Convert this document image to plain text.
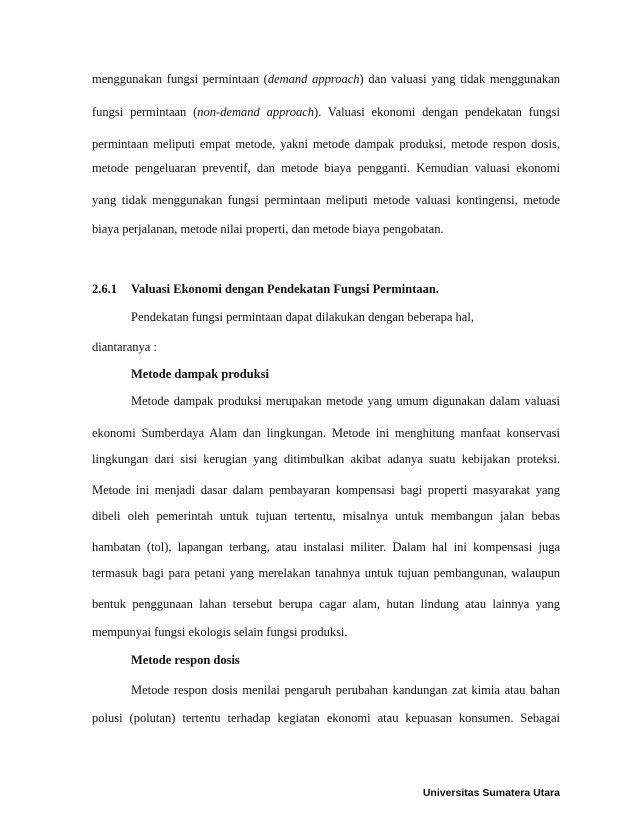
menggunakan fungsi permintaan (demand approach) dan valuasi yang tidak menggunakan
fungsi permintaan (non-demand approach). Valuasi ekonomi dengan pendekatan fungsi
permintaan meliputi empat metode, yakni metode dampak produksi, metode respon dosis,
metode pengeluaran preventif, dan metode biaya pengganti. Kemudian valuasi ekonomi
yang tidak menggunakan fungsi permintaan meliputi metode valuasi kontingensi, metode
biaya perjalanan, metode nilai properti, dan metode biaya pengobatan.
2.6.1 Valuasi Ekonomi dengan Pendekatan Fungsi Permintaan.
Pendekatan fungsi permintaan dapat dilakukan dengan beberapa hal,
diantaranya :
Metode dampak produksi
Metode dampak produksi merupakan metode yang umum digunakan dalam valuasi
ekonomi Sumberdaya Alam dan lingkungan. Metode ini menghitung manfaat konservasi
lingkungan dari sisi kerugian yang ditimbulkan akibat adanya suatu kebijakan proteksi.
Metode ini menjadi dasar dalam pembayaran kompensasi bagi properti masyarakat yang
dibeli oleh pemerintah untuk tujuan tertentu, misalnya untuk membangun jalan bebas
hambatan (tol), lapangan terbang, atau instalasi militer. Dalam hal ini kompensasi juga
termasuk bagi para petani yang merelakan tanahnya untuk tujuan pembangunan, walaupun
bentuk penggunaan lahan tersebut berupa cagar alam, hutan lindung atau lainnya yang
mempunyai fungsi ekologis selain fungsi produksi.
Metode respon dosis
Metode respon dosis menilai pengaruh perubahan kandungan zat kimia atau bahan
polusi (polutan) tertentu terhadap kegiatan ekonomi atau kepuasan konsumen. Sebagai
Universitas Sumatera Utara
